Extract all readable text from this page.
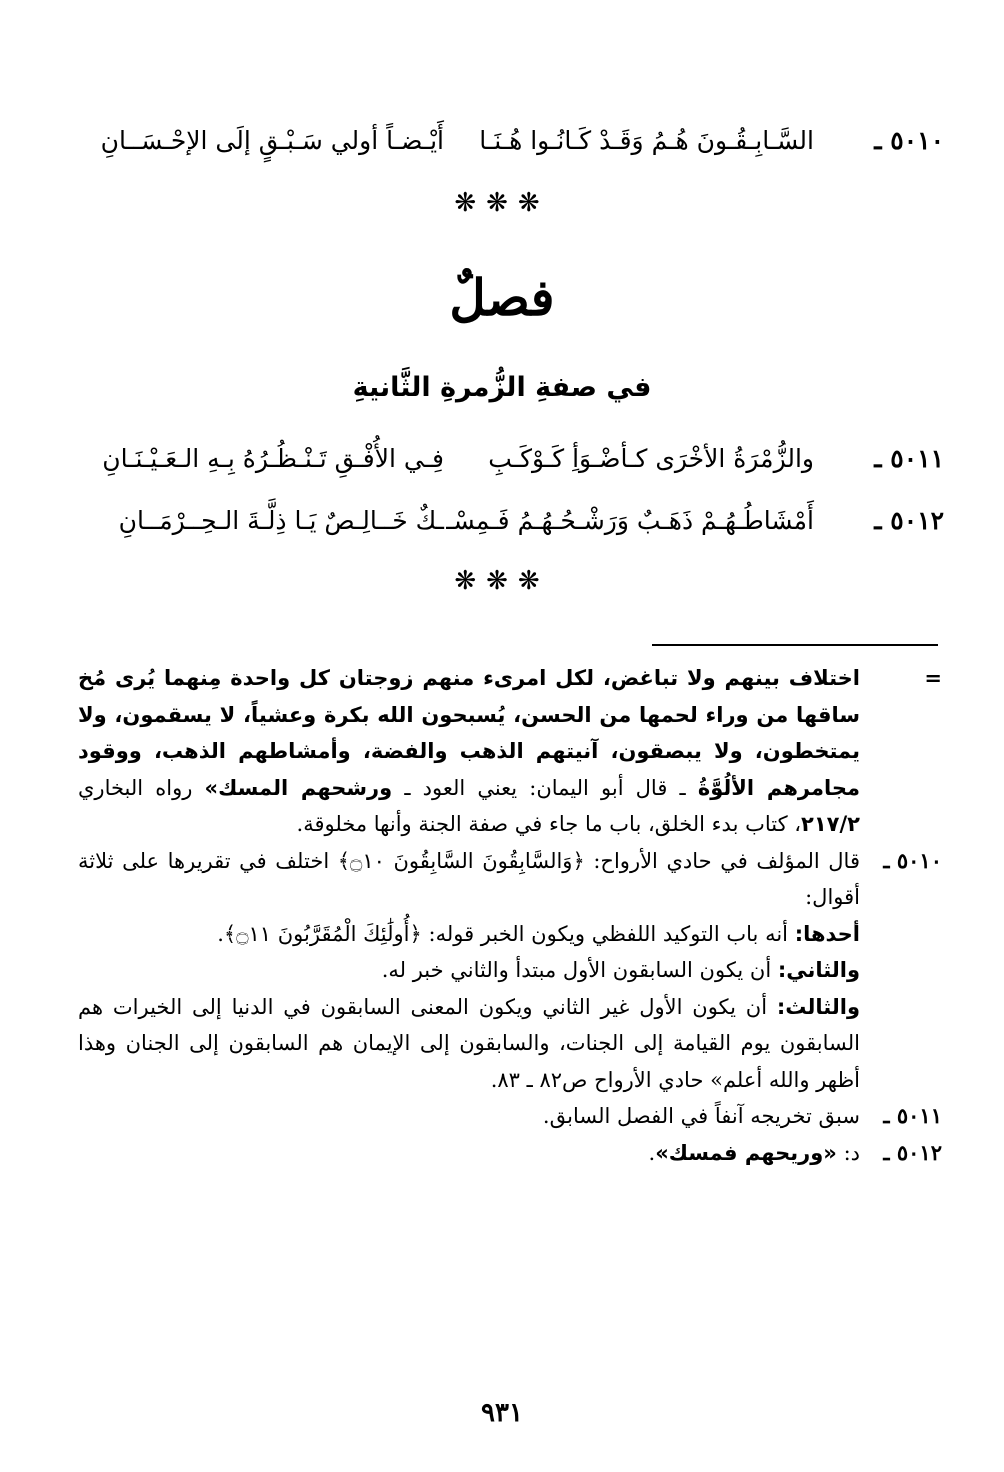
٥٠١٠ ـ
السَّـابِـقُـونَ هُـمُ وَقَـدْ كَـانُـوا هُـنَـا
أَيْـضـاً أولي سَـبْـقٍ إلَى الإحْـسَــانِ
❋❋❋
فصلٌ
في صفةِ الزُّمرةِ الثَّانيةِ
٥٠١١ ـ
والزُّمْرَةُ الأخْرَى كـأضْـوَأِ كَـوْكَـبِ
فِـي الأُفْـقِ تَـنْـظُـرُهُ بِـهِ الـعَـيْـنَـانِ
٥٠١٢ ـ
أَمْشَاطُـهُـمْ ذَهَـبٌ وَرَشْـحُـهُـمُ فَـمِسْـ
ـكٌ خَــالِـصٌ يَـا ذِلَّـةَ الـحِــرْمَــانِ
❋❋❋
=
اختلاف بينهم ولا تباغض، لكل امرىء منهم زوجتان كل واحدة مِنهما يُرى مُخ ساقها من وراء لحمها من الحسن، يُسبحون الله بكرة وعشياً، لا يسقمون، ولا يمتخطون، ولا يبصقون، آنيتهم الذهب والفضة، وأمشاطهم الذهب، ووقود مجامرهم الألُوَّةُ ـ قال أبو اليمان: يعني العود ـ ورشحهم المسك» رواه البخاري ٢١٧/٢، كتاب بدء الخلق، باب ما جاء في صفة الجنة وأنها مخلوقة.
٥٠١٠ ـ
قال المؤلف في حادي الأرواح: ﴿وَالسَّابِقُونَ السَّابِقُونَ ۝١٠﴾ اختلف في تقريرها على ثلاثة أقوال:
أحدها: أنه باب التوكيد اللفظي ويكون الخبر قوله: ﴿أُولَٰئِكَ الْمُقَرَّبُونَ ۝١١﴾.
والثاني: أن يكون السابقون الأول مبتدأ والثاني خبر له.
والثالث: أن يكون الأول غير الثاني ويكون المعنى السابقون في الدنيا إلى الخيرات هم السابقون يوم القيامة إلى الجنات، والسابقون إلى الإيمان هم السابقون إلى الجنان وهذا أظهر والله أعلم» حادي الأرواح ص٨٢ ـ ٨٣.
٥٠١١ ـ
سبق تخريجه آنفاً في الفصل السابق.
٥٠١٢ ـ
د: «وريحهم فمسك».
٩٣١
